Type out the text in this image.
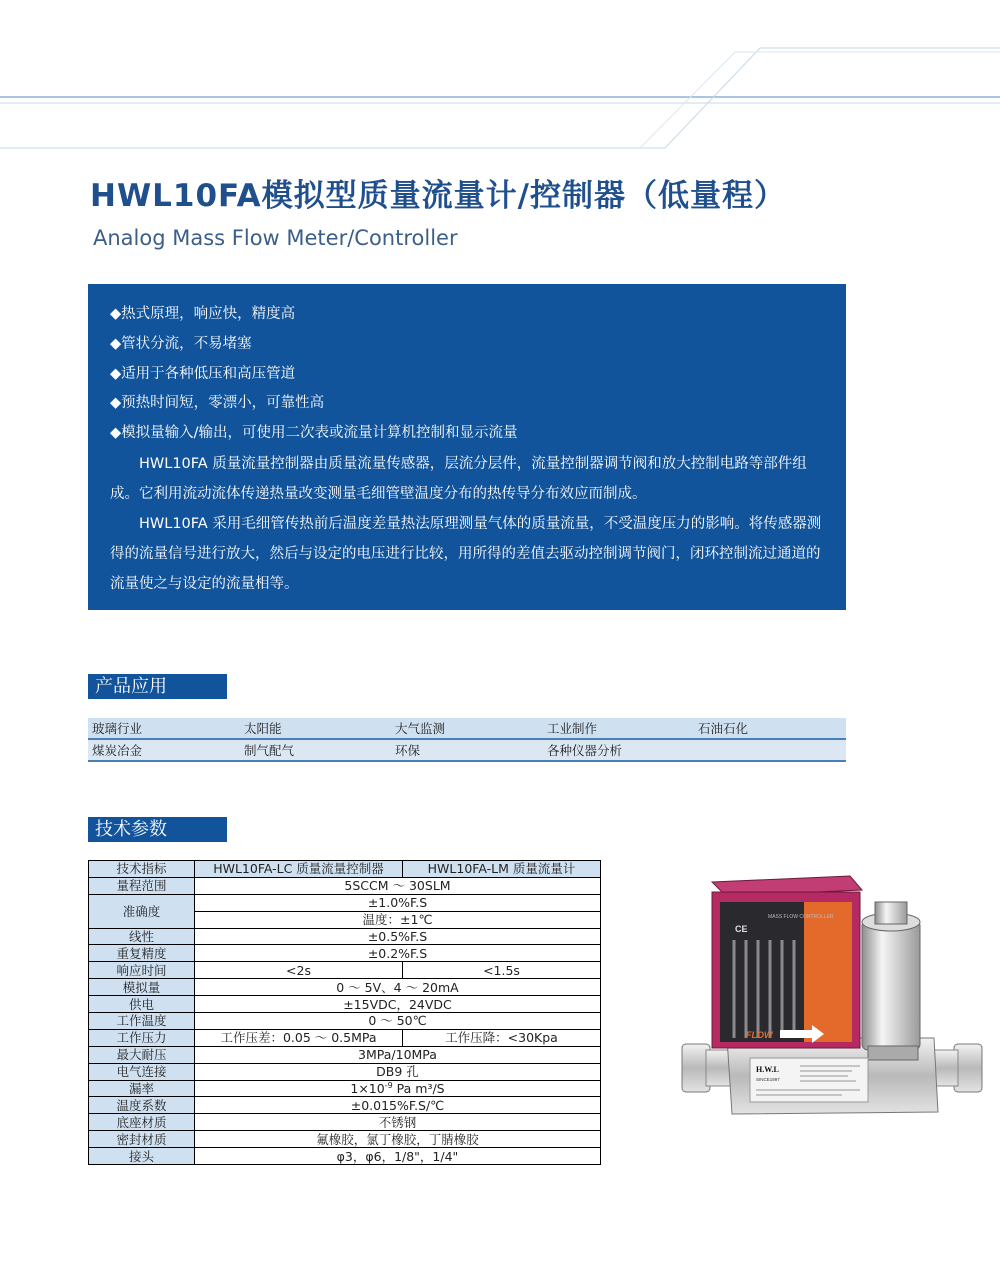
HWL10FA模拟型质量流量计/控制器（低量程）
Analog Mass Flow Meter/Controller
◆热式原理，响应快，精度高
◆管状分流，不易堵塞
◆适用于各种低压和高压管道
◆预热时间短，零漂小，可靠性高
◆模拟量输入/输出，可使用二次表或流量计算机控制和显示流量

HWL10FA 质量流量控制器由质量流量传感器，层流分层件，流量控制器调节阀和放大控制电路等部件组成。它利用流动流体传递热量改变测量毛细管壁温度分布的热传导分布效应而制成。

HWL10FA 采用毛细管传热前后温度差量热法原理测量气体的质量流量，不受温度压力的影响。将传感器测得的流量信号进行放大，然后与设定的电压进行比较，用所得的差值去驱动控制调节阀门，闭环控制流过通道的流量使之与设定的流量相等。

产品应用
玻璃行业	太阳能	大气监测	工业制作	石油石化
煤炭冶金	制气配气	环保	各种仪器分析	
技术参数
技术指标	HWL10FA-LC 质量流量控制器	HWL10FA-LM 质量流量计
量程范围	5SCCM ～ 30SLM	
准确度	±1.0%F.S	
	温度：±1℃	
线性	±0.5%F.S	
重复精度	±0.2%F.S	
响应时间	<2s	<1.5s
模拟量	0 ～ 5V、4 ～ 20mA	
供电	±15VDC，24VDC	
工作温度	0 ～ 50℃	
工作压力	工作压差：0.05 ～ 0.5MPa	工作压降：<30Kpa
最大耐压	3MPa/10MPa	
电气连接	DB9 孔	
漏率	$1\times 10^{-9}$ Pa m³/S	
温度系数	±0.015%F.S/℃	
底座材质	不锈钢	
密封材质	氟橡胶，氯丁橡胶，丁腈橡胶	
接头	φ3，φ6，1/8"，1/4"	
CE
MASS FLOW CONTROLLER
FLOW
H.W.L
SINCE1997
